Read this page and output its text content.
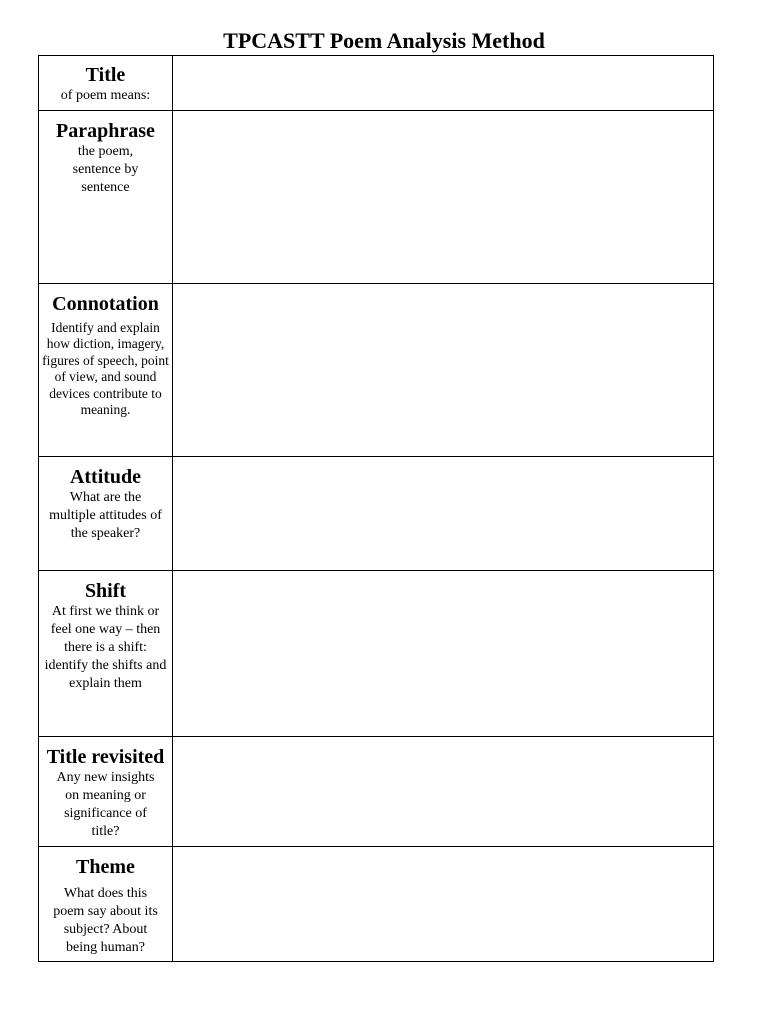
TPCASTT Poem Analysis Method
Title
of poem means:	

Paraphrase
the poem, sentence by sentence	

Connotation
Identify and explain how diction, imagery, figures of speech, point of view, and sound devices contribute to meaning.	

Attitude
What are the multiple attitudes of the speaker?	

Shift
At first we think or feel one way – then there is a shift: identify the shifts and explain them	

Title revisited
Any new insights on meaning or significance of title?	

Theme
What does this poem say about its subject? About being human?	
